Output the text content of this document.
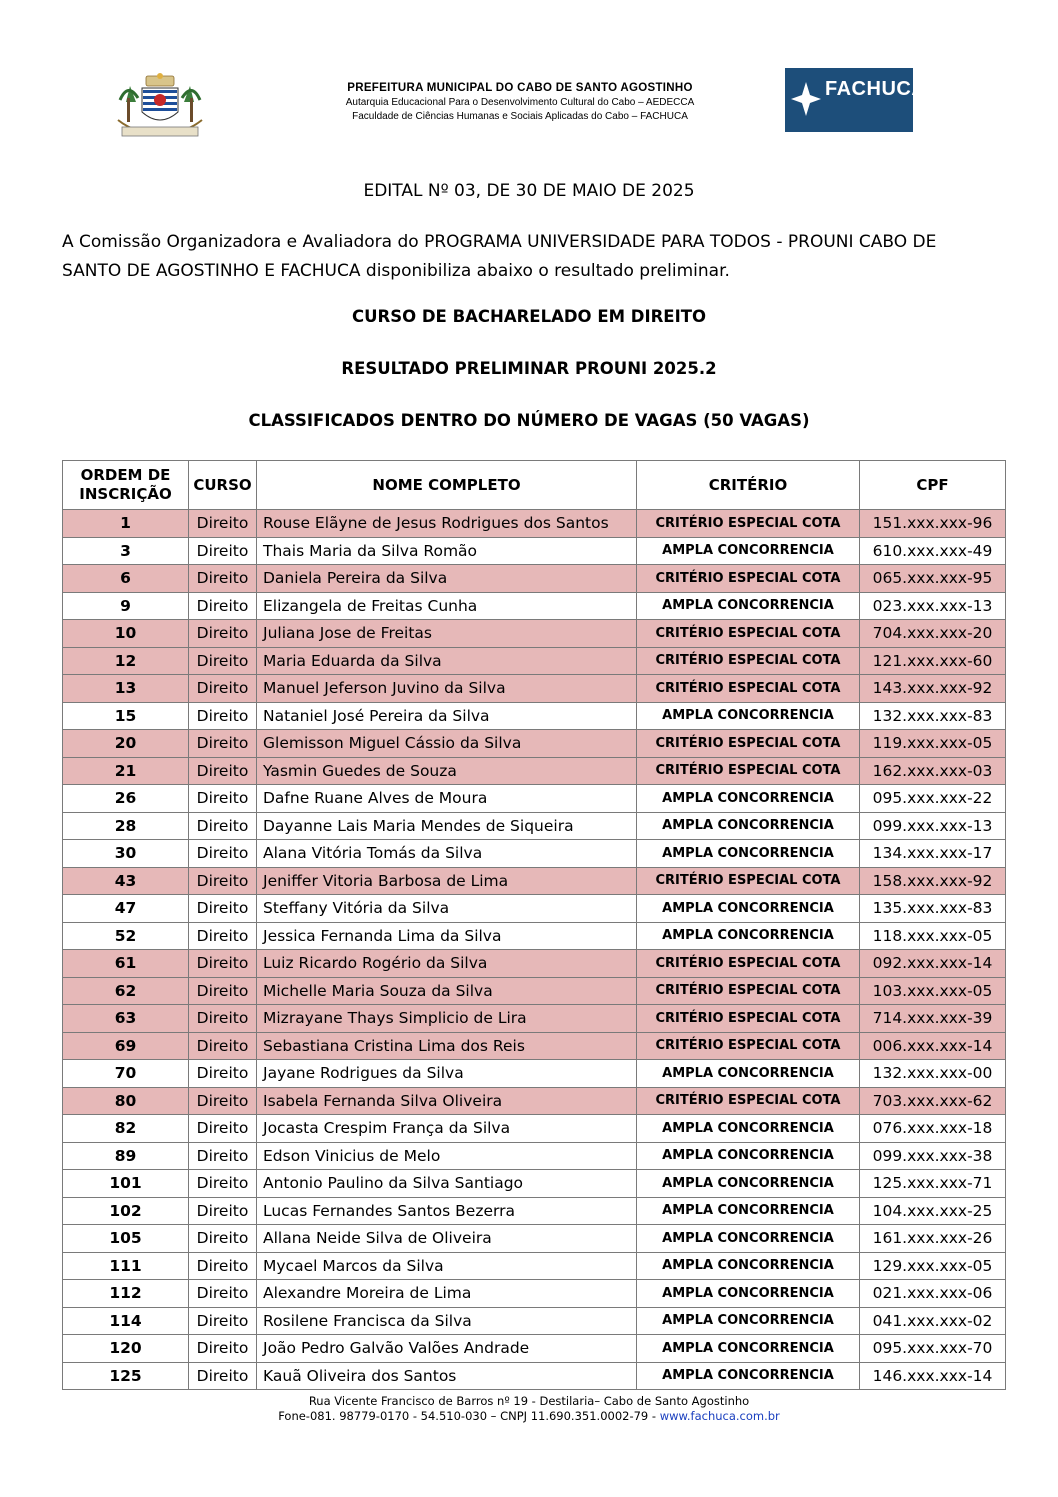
PREFEITURA MUNICIPAL DO CABO DE SANTO AGOSTINHO
Autarquia Educacional Para o Desenvolvimento Cultural do Cabo – AEDECCA
Faculdade de Ciências Humanas e Sociais Aplicadas do Cabo – FACHUCA
FACHUCA
EDITAL Nº 03, DE 30 DE MAIO DE 2025
A Comissão Organizadora e Avaliadora do PROGRAMA UNIVERSIDADE PARA TODOS - PROUNI CABO DE SANTO DE AGOSTINHO E FACHUCA disponibiliza abaixo o resultado preliminar.
CURSO DE BACHARELADO EM DIREITO
RESULTADO PRELIMINAR PROUNI 2025.2
CLASSIFICADOS DENTRO DO NÚMERO DE VAGAS (50 VAGAS)
ORDEM DE
INSCRIÇÃO	CURSO	NOME COMPLETO	CRITÉRIO	CPF
1	Direito	Rouse Elãyne de Jesus Rodrigues dos Santos	CRITÉRIO ESPECIAL COTA	151.xxx.xxx-96
3	Direito	Thais Maria da Silva Romão	AMPLA CONCORRENCIA	610.xxx.xxx-49
6	Direito	Daniela Pereira da Silva	CRITÉRIO ESPECIAL COTA	065.xxx.xxx-95
9	Direito	Elizangela de Freitas Cunha	AMPLA CONCORRENCIA	023.xxx.xxx-13
10	Direito	Juliana Jose de Freitas	CRITÉRIO ESPECIAL COTA	704.xxx.xxx-20
12	Direito	Maria Eduarda da Silva	CRITÉRIO ESPECIAL COTA	121.xxx.xxx-60
13	Direito	Manuel Jeferson Juvino da Silva	CRITÉRIO ESPECIAL COTA	143.xxx.xxx-92
15	Direito	Nataniel José Pereira da Silva	AMPLA CONCORRENCIA	132.xxx.xxx-83
20	Direito	Glemisson Miguel Cássio da Silva	CRITÉRIO ESPECIAL COTA	119.xxx.xxx-05
21	Direito	Yasmin Guedes de Souza	CRITÉRIO ESPECIAL COTA	162.xxx.xxx-03
26	Direito	Dafne Ruane Alves de Moura	AMPLA CONCORRENCIA	095.xxx.xxx-22
28	Direito	Dayanne Lais Maria Mendes de Siqueira	AMPLA CONCORRENCIA	099.xxx.xxx-13
30	Direito	Alana Vitória Tomás da Silva	AMPLA CONCORRENCIA	134.xxx.xxx-17
43	Direito	Jeniffer Vitoria Barbosa de Lima	CRITÉRIO ESPECIAL COTA	158.xxx.xxx-92
47	Direito	Steffany Vitória da Silva	AMPLA CONCORRENCIA	135.xxx.xxx-83
52	Direito	Jessica Fernanda Lima da Silva	AMPLA CONCORRENCIA	118.xxx.xxx-05
61	Direito	Luiz Ricardo Rogério da Silva	CRITÉRIO ESPECIAL COTA	092.xxx.xxx-14
62	Direito	Michelle Maria Souza da Silva	CRITÉRIO ESPECIAL COTA	103.xxx.xxx-05
63	Direito	Mizrayane Thays Simplicio de Lira	CRITÉRIO ESPECIAL COTA	714.xxx.xxx-39
69	Direito	Sebastiana Cristina Lima dos Reis	CRITÉRIO ESPECIAL COTA	006.xxx.xxx-14
70	Direito	Jayane Rodrigues da Silva	AMPLA CONCORRENCIA	132.xxx.xxx-00
80	Direito	Isabela Fernanda Silva Oliveira	CRITÉRIO ESPECIAL COTA	703.xxx.xxx-62
82	Direito	Jocasta Crespim França da Silva	AMPLA CONCORRENCIA	076.xxx.xxx-18
89	Direito	Edson Vinicius de Melo	AMPLA CONCORRENCIA	099.xxx.xxx-38
101	Direito	Antonio Paulino da Silva Santiago	AMPLA CONCORRENCIA	125.xxx.xxx-71
102	Direito	Lucas Fernandes Santos Bezerra	AMPLA CONCORRENCIA	104.xxx.xxx-25
105	Direito	Allana Neide Silva de Oliveira	AMPLA CONCORRENCIA	161.xxx.xxx-26
111	Direito	Mycael Marcos da Silva	AMPLA CONCORRENCIA	129.xxx.xxx-05
112	Direito	Alexandre Moreira de Lima	AMPLA CONCORRENCIA	021.xxx.xxx-06
114	Direito	Rosilene Francisca da Silva	AMPLA CONCORRENCIA	041.xxx.xxx-02
120	Direito	João Pedro Galvão Valões Andrade	AMPLA CONCORRENCIA	095.xxx.xxx-70
125	Direito	Kauã Oliveira dos Santos	AMPLA CONCORRENCIA	146.xxx.xxx-14
Rua Vicente Francisco de Barros nº 19 - Destilaria– Cabo de Santo Agostinho
Fone-081. 98779-0170 - 54.510-030 – CNPJ 11.690.351.0002-79 - www.fachuca.com.br
